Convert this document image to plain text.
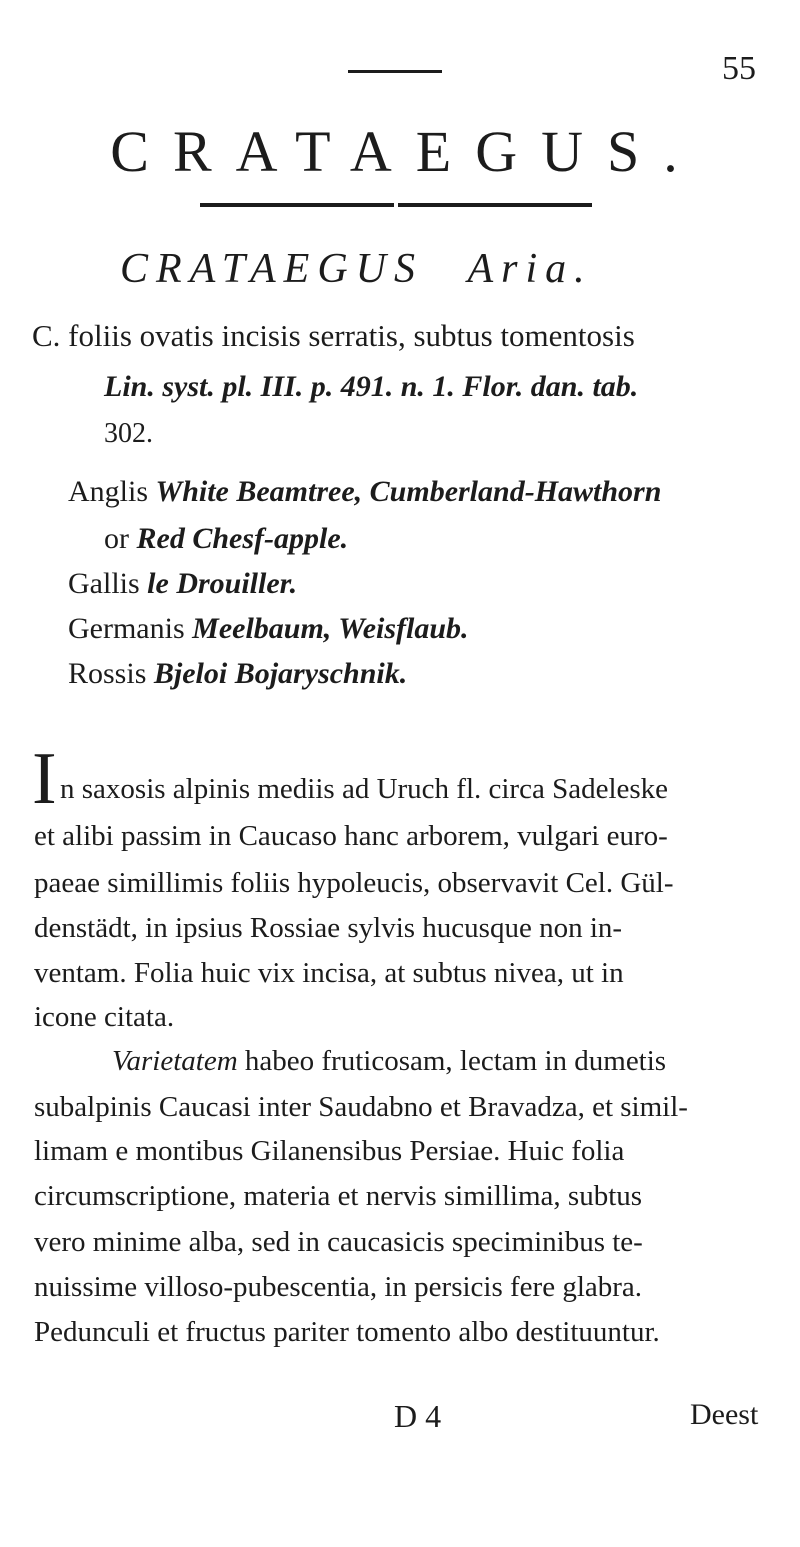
55
CRATAEGUS.
CRATAEGUS Aria.
C. foliis ovatis incisis serratis, subtus tomentosis
Lin. syst. pl. III. p. 491. n. 1. Flor. dan. tab.
302.
Anglis White Beamtree, Cumberland-Hawthorn
or Red Chesf-apple.
Gallis le Drouiller.
Germanis Meelbaum, Weisflaub.
Rossis Bjeloi Bojaryschnik.
I n saxosis alpinis mediis ad Uruch fl. circa Sadeleske
et alibi passim in Caucaso hanc arborem, vulgari euro-
paeae simillimis foliis hypoleucis, observavit Cel. Gül-
denstädt, in ipsius Rossiae sylvis hucusque non in-
ventam. Folia huic vix incisa, at subtus nivea, ut in
icone citata.
Varietatem habeo fruticosam, lectam in dumetis
subalpinis Caucasi inter Saudabno et Bravadza, et simil-
limam e montibus Gilanensibus Persiae. Huic folia
circumscriptione, materia et nervis simillima, subtus
vero minime alba, sed in caucasicis speciminibus te-
nuissime villoso-pubescentia, in persicis fere glabra.
Pedunculi et fructus pariter tomento albo destituuntur.
D 4	Deest
